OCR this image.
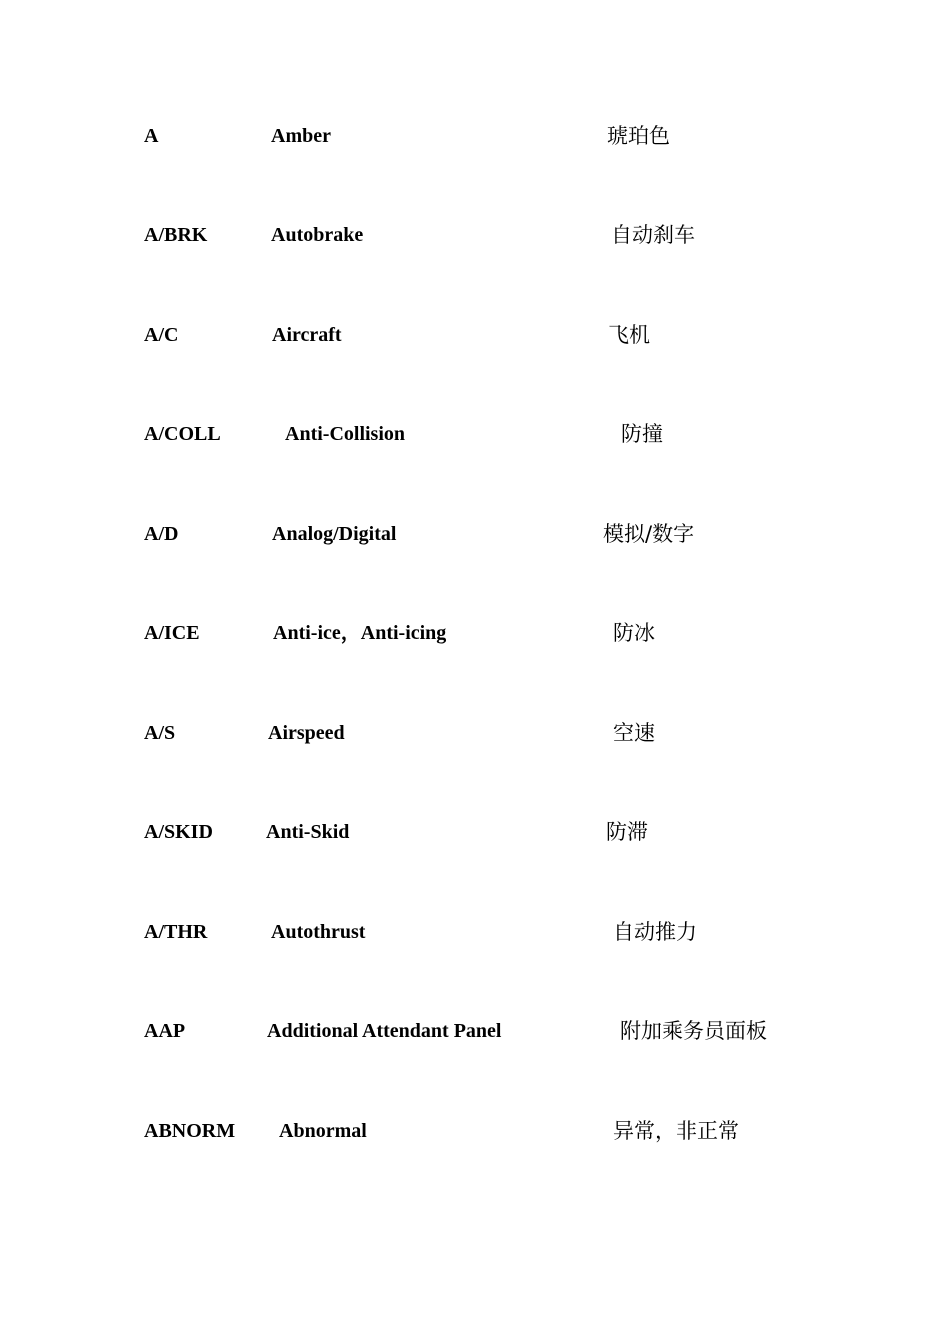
A	Amber	琥珀色
A/BRK	Autobrake	自动刹车
A/C	Aircraft	飞机
A/COLL	Anti-Collision	防撞
A/D	Analog/Digital	模拟/数字
A/ICE	Anti-ice，Anti-icing	防冰
A/S	Airspeed	空速
A/SKID	Anti-Skid	防滞
A/THR	Autothrust	自动推力
AAP	Additional Attendant Panel	附加乘务员面板
ABNORM Abnormal	异常，非正常
